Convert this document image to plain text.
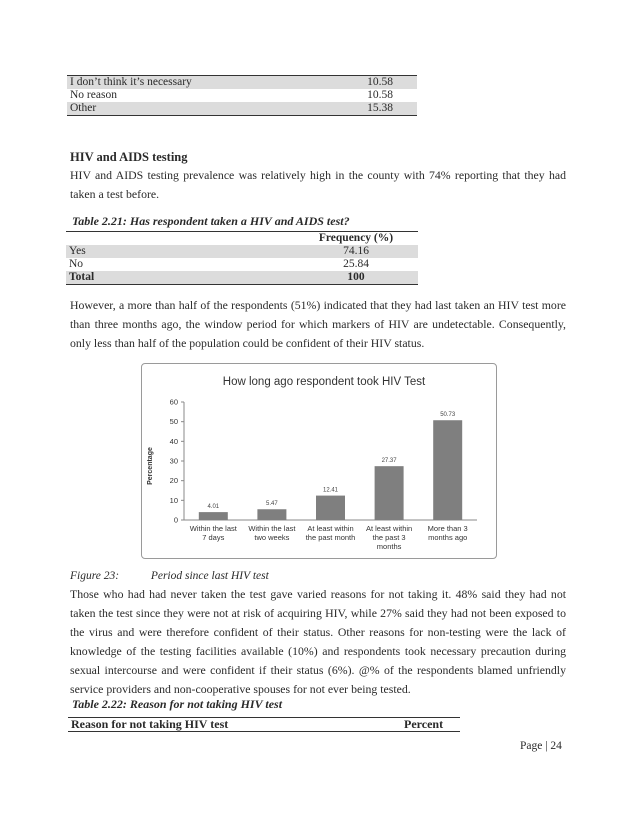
I don’t think it’s necessary	10.58
No reason	10.58
Other	15.38
HIV and AIDS testing
HIV and AIDS testing prevalence was relatively high in the county with 74% reporting that they had taken a test before.
Table 2.21: Has respondent taken a HIV and AIDS test?
	Frequency (%)
Yes	74.16
No	25.84
Total	100
However, a more than half of the respondents (51%) indicated that they had last taken an HIV test more than three months ago, the window period for which markers of HIV are undetectable. Consequently, only less than half of the population could be confident of their HIV status.
How long ago respondent took HIV Test
Percentage
0
10
20
30
40
50
60
4.01
Within the last 7 days
5.47
Within the last two weeks
12.41
At least within the past month
27.37
At least within the past 3 months
50.73
More than 3 months ago
Figure 23:	Period since last HIV test
Those who had had never taken the test gave varied reasons for not taking it. 48% said they had not taken the test since they were not at risk of acquiring HIV, while 27% said they had not been exposed to the virus and were therefore confident of their status. Other reasons for non-testing were the lack of knowledge of the testing facilities available (10%) and respondents took necessary precaution during sexual intercourse and were confident if their status (6%). @% of the respondents blamed unfriendly service providers and non-cooperative spouses for not ever being tested.
Table 2.22: Reason for not taking HIV test
Reason for not taking HIV test	Percent
Page | 24
